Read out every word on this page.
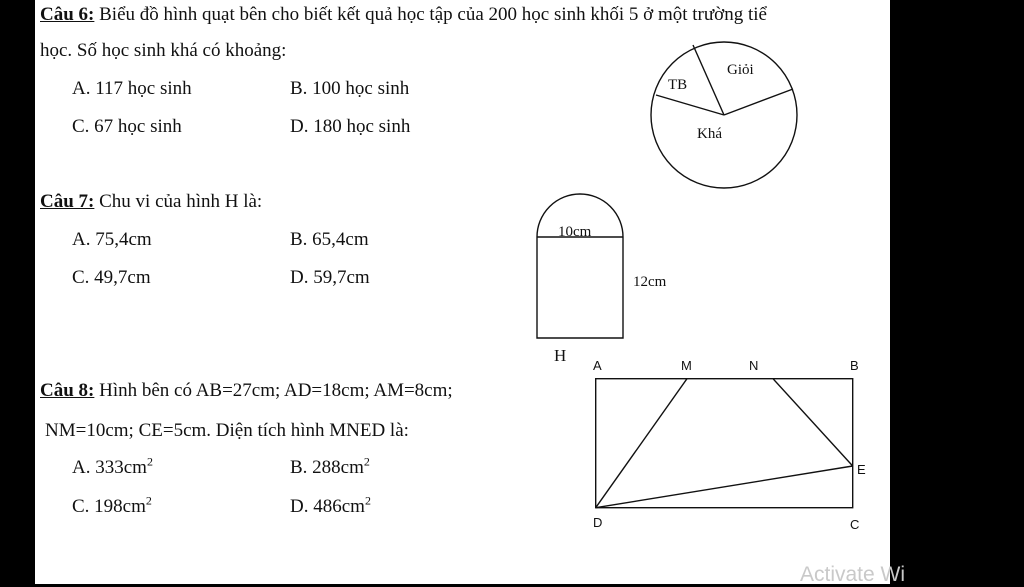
Câu 6: Biểu đồ hình quạt bên cho biết kết quả học tập của 200 học sinh khối 5 ở một trường tiể
học. Số học sinh khá có khoảng:
A. 117 học sinh	B. 100 học sinh
C. 67 học sinh	D. 180 học sinh
TB
Giỏi
Khá
Câu 7: Chu vi của hình H là:
A. 75,4cm	B. 65,4cm
C. 49,7cm	D. 59,7cm
10cm
12cm
H
Câu 8: Hình bên có AB=27cm; AD=18cm; AM=8cm;
NM=10cm; CE=5cm. Diện tích hình MNED là:
A. $333cm^2$	B. $288cm^2$
C. $198cm^2$	D. $486cm^2$
A	M	N	B
E
D	C
Activate Wi
